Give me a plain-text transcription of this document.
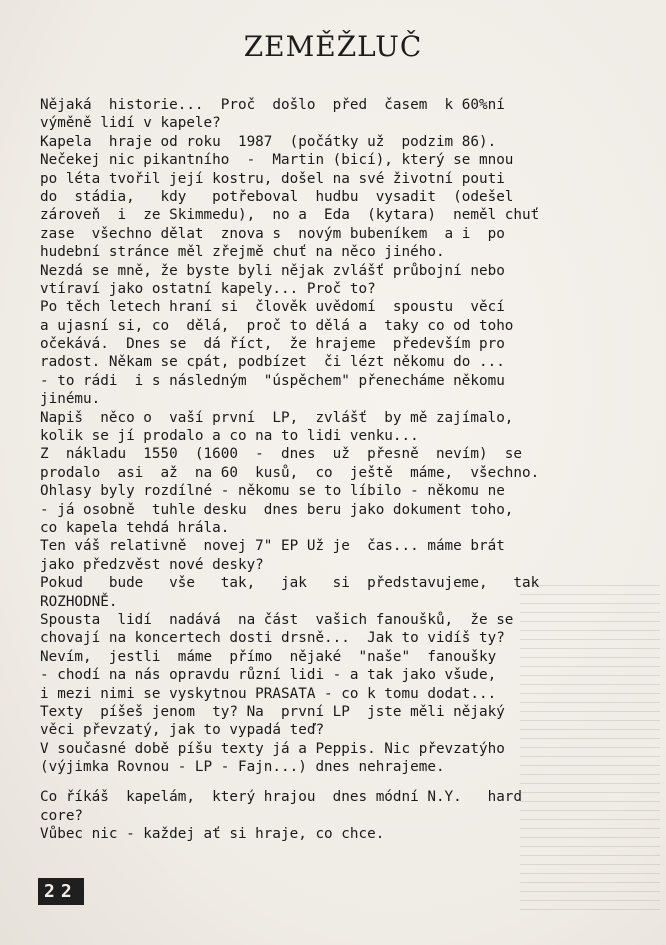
ZEMĚŽLUČ
Nějaká  historie...  Proč  došlo  před  časem  k 60%ní
výměně lidí v kapele?
Kapela  hraje od roku  1987  (počátky už  podzim 86).
Nečekej nic pikantního  -  Martin (bicí), který se mnou
po léta tvořil její kostru, došel na své životní pouti
do  stádia,   kdy   potřeboval  hudbu  vysadit  (odešel
zároveň  i  ze Skimmedu),  no a  Eda  (kytara)  neměl chuť
zase  všechno dělat  znova s  novým bubeníkem  a i  po
hudební stránce měl zřejmě chuť na něco jiného.
Nezdá se mně, že byste byli nějak zvlášť průbojní nebo
vtíraví jako ostatní kapely... Proč to?
Po těch letech hraní si  člověk uvědomí  spoustu  věcí
a ujasní si, co  dělá,  proč to dělá a  taky co od toho
očekává.  Dnes se  dá říct,  že hrajeme  především pro
radost. Někam se cpát, podbízet  či lézt někomu do ...
- to rádi  i s následným  "úspěchem" přenecháme někomu
jinému.
Napiš  něco o  vaší první  LP,  zvlášť  by mě zajímalo,
kolik se jí prodalo a co na to lidi venku...
Z  nákladu  1550  (1600  -  dnes  už  přesně  nevím)  se
prodalo  asi  až  na 60  kusů,  co  ještě  máme,  všechno.
Ohlasy byly rozdílné - někomu se to líbilo - někomu ne
- já osobně  tuhle desku  dnes beru jako dokument toho,
co kapela tehdá hrála.
Ten váš relativně  novej 7" EP Už je  čas... máme brát
jako předzvěst nové desky?
Pokud   bude   vše   tak,   jak   si  představujeme,   tak
ROZHODNĚ.
Spousta  lidí  nadává  na část  vašich fanoušků,  že se
chovají na koncertech dosti drsně...  Jak to vidíš ty?
Nevím,  jestli  máme  přímo  nějaké  "naše"  fanoušky
- chodí na nás opravdu různí lidi - a tak jako všude,
i mezi nimi se vyskytnou PRASATA - co k tomu dodat...
Texty  píšeš jenom  ty? Na  první LP  jste měli nějaký
věci převzatý, jak to vypadá teď?
V současné době píšu texty já a Peppis. Nic převzatýho
(výjimka Rovnou - LP - Fajn...) dnes nehrajeme.
Co říkáš  kapelám,  který hrajou  dnes módní N.Y.   hard
core?
Vůbec nic - každej ať si hraje, co chce.
22
